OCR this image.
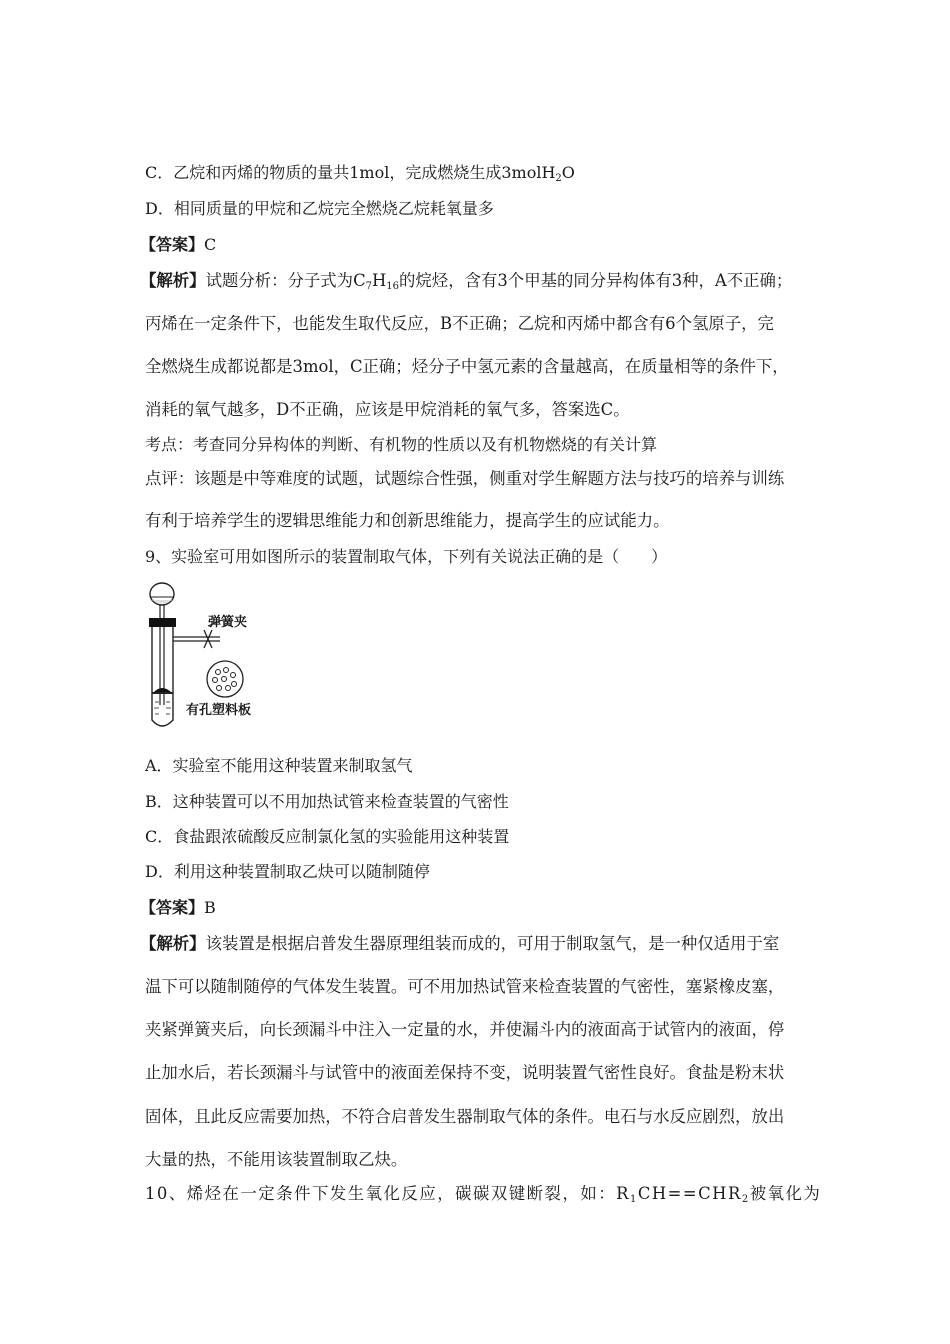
C．乙烷和丙烯的物质的量共1mol，完成燃烧生成3molH$_2$O
D．相同质量的甲烷和乙烷完全燃烧乙烷耗氧量多
【答案】C
【解析】试题分析：分子式为$C_7H_{16}$的烷烃，含有3个甲基的同分异构体有3种，A不正确；
丙烯在一定条件下，也能发生取代反应，B不正确；乙烷和丙烯中都含有6个氢原子，完
全燃烧生成都说都是3mol，C正确；烃分子中氢元素的含量越高，在质量相等的条件下，
消耗的氧气越多，D不正确，应该是甲烷消耗的氧气多，答案选C。
考点：考查同分异构体的判断、有机物的性质以及有机物燃烧的有关计算
点评：该题是中等难度的试题，试题综合性强，侧重对学生解题方法与技巧的培养与训练
有利于培养学生的逻辑思维能力和创新思维能力，提高学生的应试能力。
9、实验室可用如图所示的装置制取气体，下列有关说法正确的是（　　）
弹簧夹
有孔塑料板
A．实验室不能用这种装置来制取氢气
B．这种装置可以不用加热试管来检查装置的气密性
C．食盐跟浓硫酸反应制氯化氢的实验能用这种装置
D．利用这种装置制取乙炔可以随制随停
【答案】B
【解析】该装置是根据启普发生器原理组装而成的，可用于制取氢气，是一种仅适用于室
温下可以随制随停的气体发生装置。可不用加热试管来检查装置的气密性，塞紧橡皮塞，
夹紧弹簧夹后，向长颈漏斗中注入一定量的水，并使漏斗内的液面高于试管内的液面，停
止加水后，若长颈漏斗与试管中的液面差保持不变，说明装置气密性良好。食盐是粉末状
固体，且此反应需要加热，不符合启普发生器制取气体的条件。电石与水反应剧烈，放出
大量的热，不能用该装置制取乙炔。
10、烯烃在一定条件下发生氧化反应，碳碳双键断裂，如：$R_1CH==CHR_2$被氧化为
